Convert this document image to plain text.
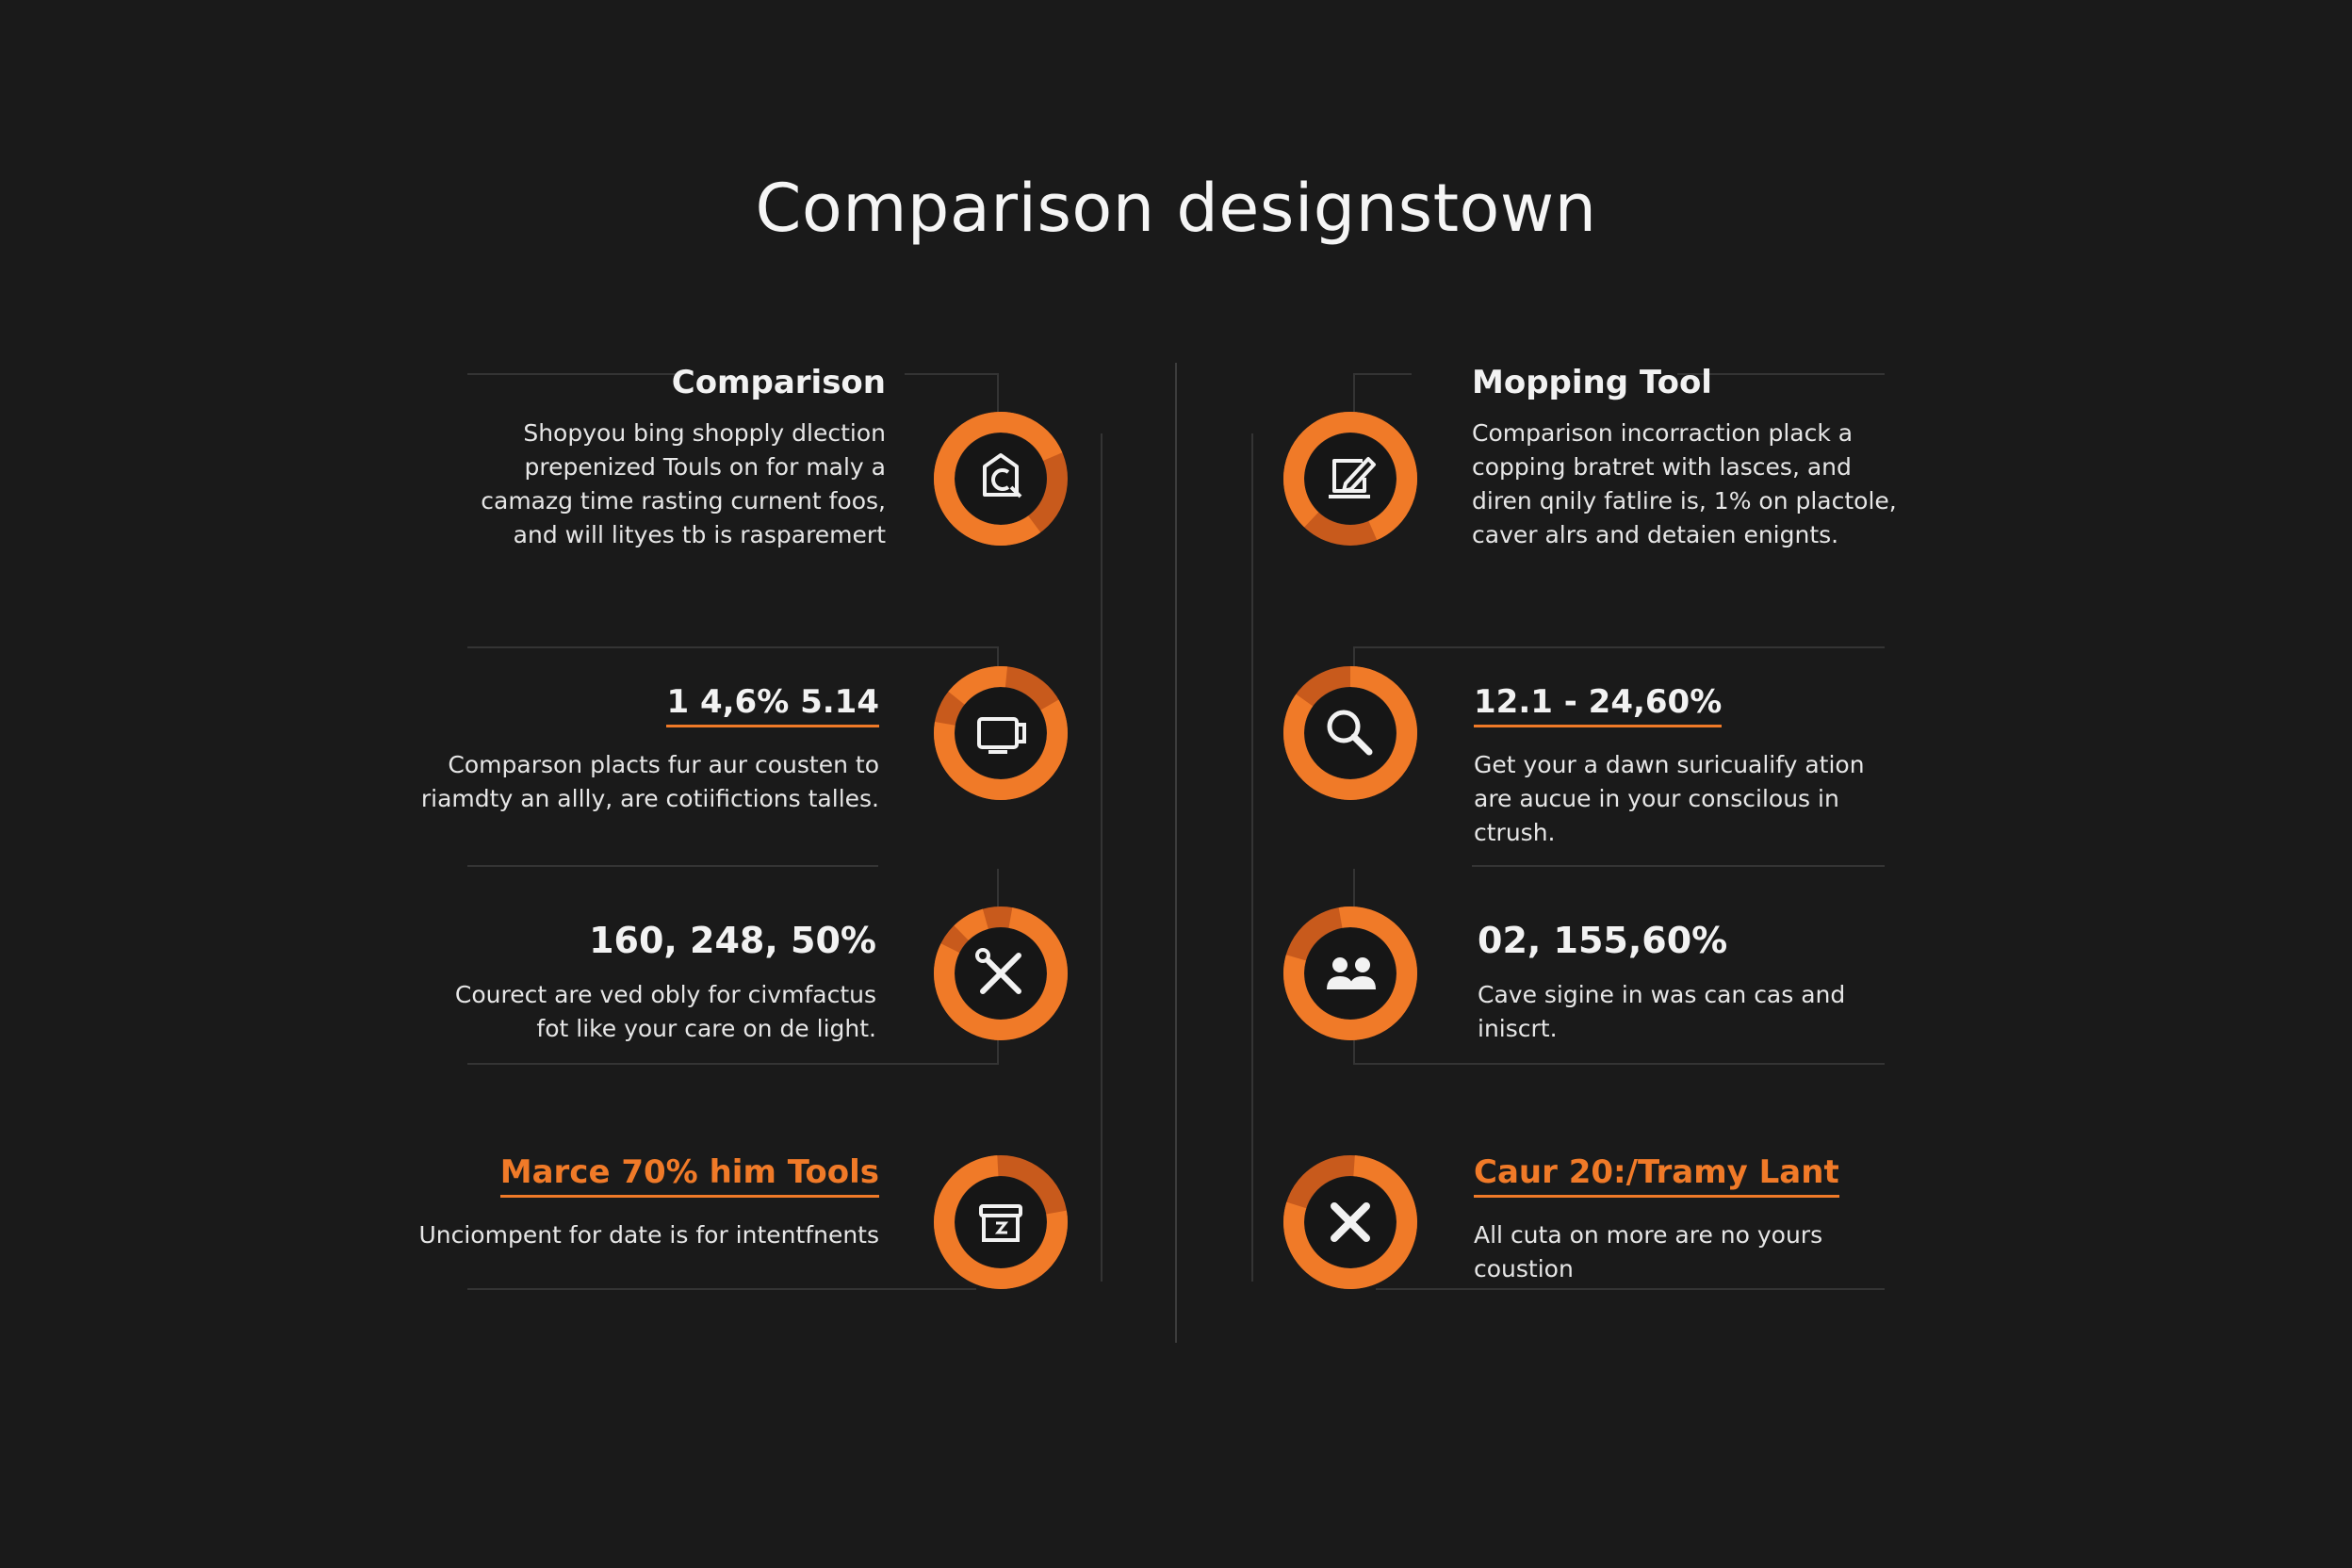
Comparison designstown
Comparison
Shopyou bing shopply dlection
prepenized Touls on for maly a
camazg time rasting curnent foos,
and will lityes tb is rasparemert
1 4,6% 5.14
Comparson placts fur aur cousten to
riamdty an allly, are cotiifictions talles.
160, 248, 50%
Courect are ved obly for civmfactus
fot like your care on de light.
Marce 70% him Tools
Unciompent for date is for intentfnents
Mopping Tool
Comparison incorraction plack a
copping bratret with lasces, and
diren qnily fatlire is, 1% on plactole,
caver alrs and detaien enignts.
12.1 - 24,60%
Get your a dawn suricualify ation
are aucue in your conscilous in ctrush.
02, 155,60%
Cave sigine in was can cas and iniscrt.
Caur 20:/Tramy Lant
All cuta on more are no yours coustion
